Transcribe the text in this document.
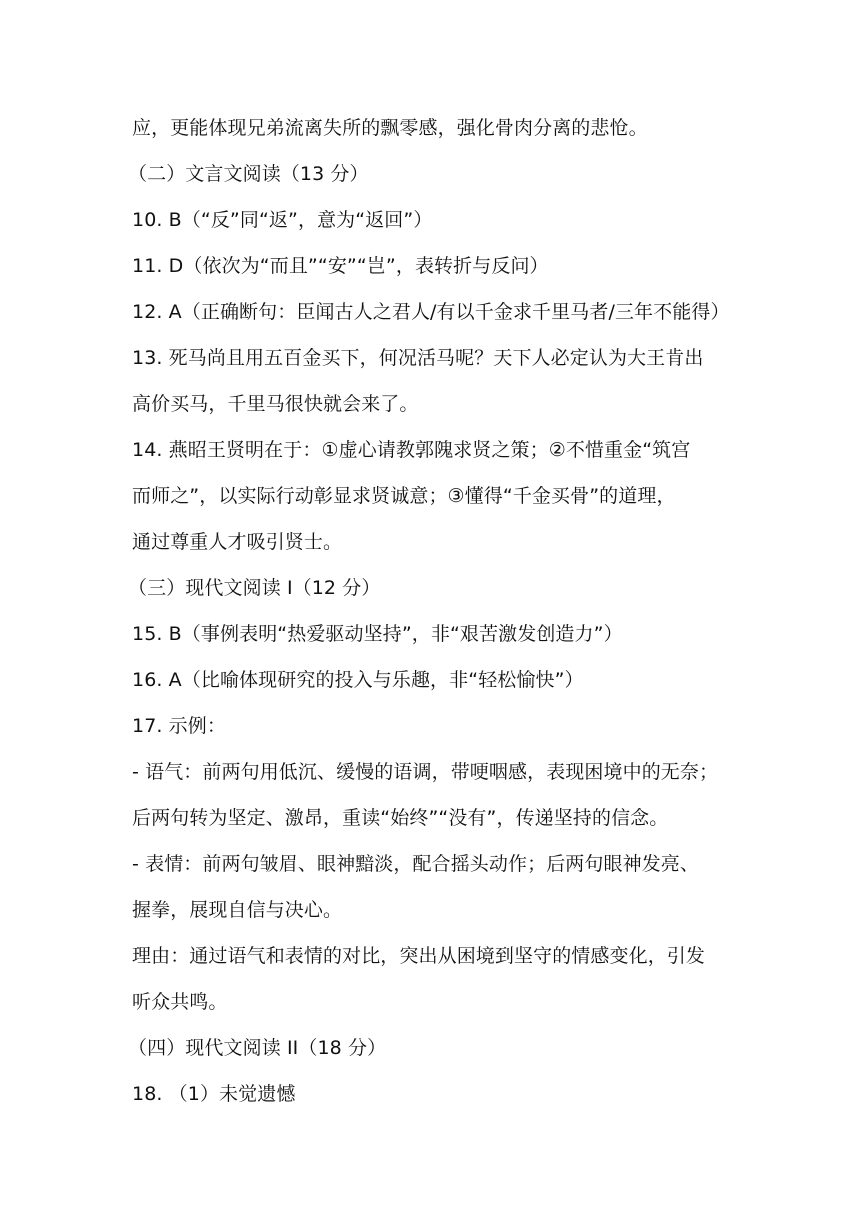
应，更能体现兄弟流离失所的飘零感，强化骨肉分离的悲怆。
（二）文言文阅读（13 分）
10. B（“反”同“返”，意为“返回”）
11. D（依次为“而且”“安”“岂”，表转折与反问）
12. A（正确断句：臣闻古人之君人/有以千金求千里马者/三年不能得）
13. 死马尚且用五百金买下，何况活马呢？天下人必定认为大王肯出
高价买马，千里马很快就会来了。
14. 燕昭王贤明在于：①虚心请教郭隗求贤之策；②不惜重金“筑宫
而师之”，以实际行动彰显求贤诚意；③懂得“千金买骨”的道理，
通过尊重人才吸引贤士。
（三）现代文阅读 I（12 分）
15. B（事例表明“热爱驱动坚持”，非“艰苦激发创造力”）
16. A（比喻体现研究的投入与乐趣，非“轻松愉快”）
17. 示例：
- 语气：前两句用低沉、缓慢的语调，带哽咽感，表现困境中的无奈；
后两句转为坚定、激昂，重读“始终”“没有”，传递坚持的信念。
- 表情：前两句皱眉、眼神黯淡，配合摇头动作；后两句眼神发亮、
握拳，展现自信与决心。
理由：通过语气和表情的对比，突出从困境到坚守的情感变化，引发
听众共鸣。
（四）现代文阅读 II（18 分）
18. （1）未觉遗憾
